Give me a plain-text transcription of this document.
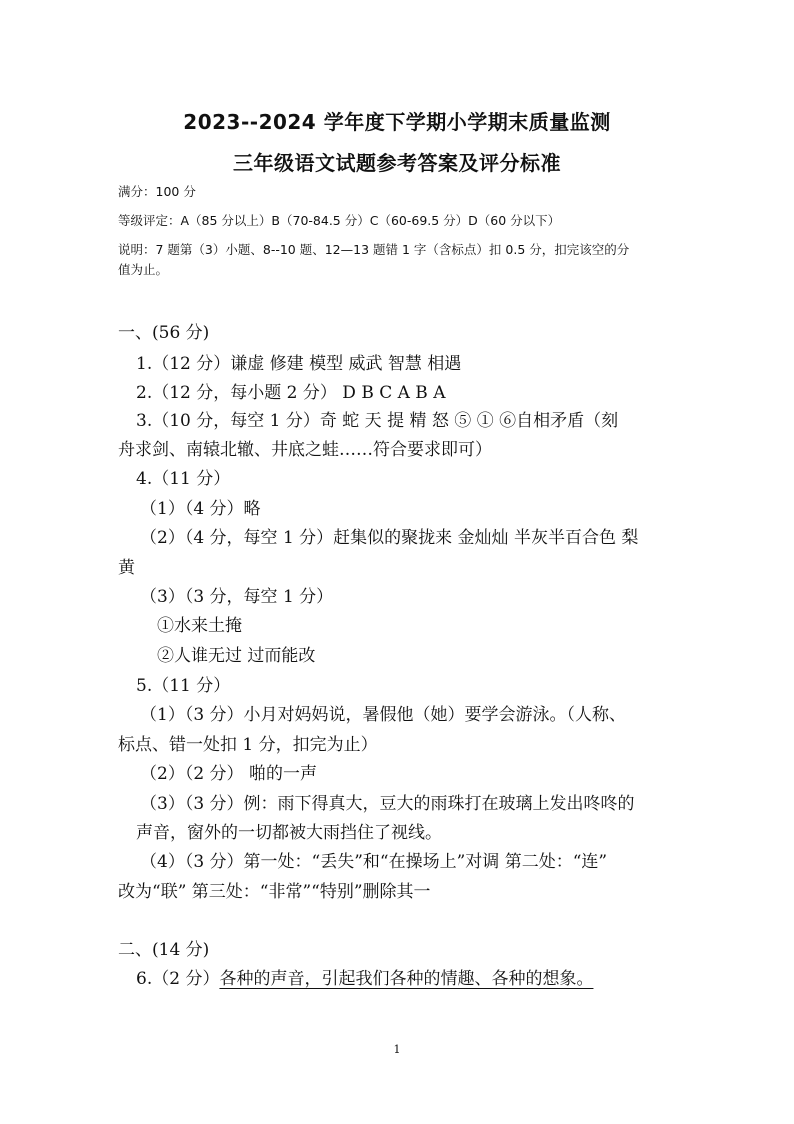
2023--2024 学年度下学期小学期末质量监测
三年级语文试题参考答案及评分标准
满分：100 分
等级评定：A（85 分以上）B（70-84.5 分）C（60-69.5 分）D（60 分以下）
说明：7 题第（3）小题、8--10 题、12—13 题错 1 字（含标点）扣 0.5 分，扣完该空的分
值为止。
一、(56 分)
1.（12 分）谦虚 修建 模型 威武 智慧 相遇
2.（12 分，每小题 2 分） D B C A B A
3.（10 分，每空 1 分）奇 蛇 天 提 精 怒 ⑤ ① ⑥自相矛盾（刻
舟求剑、南辕北辙、井底之蛙……符合要求即可）
4.（11 分）
（1）（4 分）略
（2）（4 分，每空 1 分）赶集似的聚拢来 金灿灿 半灰半百合色 梨
黄
（3）（3 分，每空 1 分）
①水来土掩
②人谁无过 过而能改
5.（11 分）
（1）（3 分）小月对妈妈说，暑假他（她）要学会游泳。（人称、
标点、错一处扣 1 分，扣完为止）
（2）（2 分） 啪的一声
（3）（3 分）例：雨下得真大，豆大的雨珠打在玻璃上发出咚咚的
声音，窗外的一切都被大雨挡住了视线。
（4）（3 分）第一处：“丢失”和“在操场上”对调 第二处：“连”
改为“联” 第三处：“非常”“特别”删除其一
二、(14 分)
6.（2 分）各种的声音，引起我们各种的情趣、各种的想象。
1
